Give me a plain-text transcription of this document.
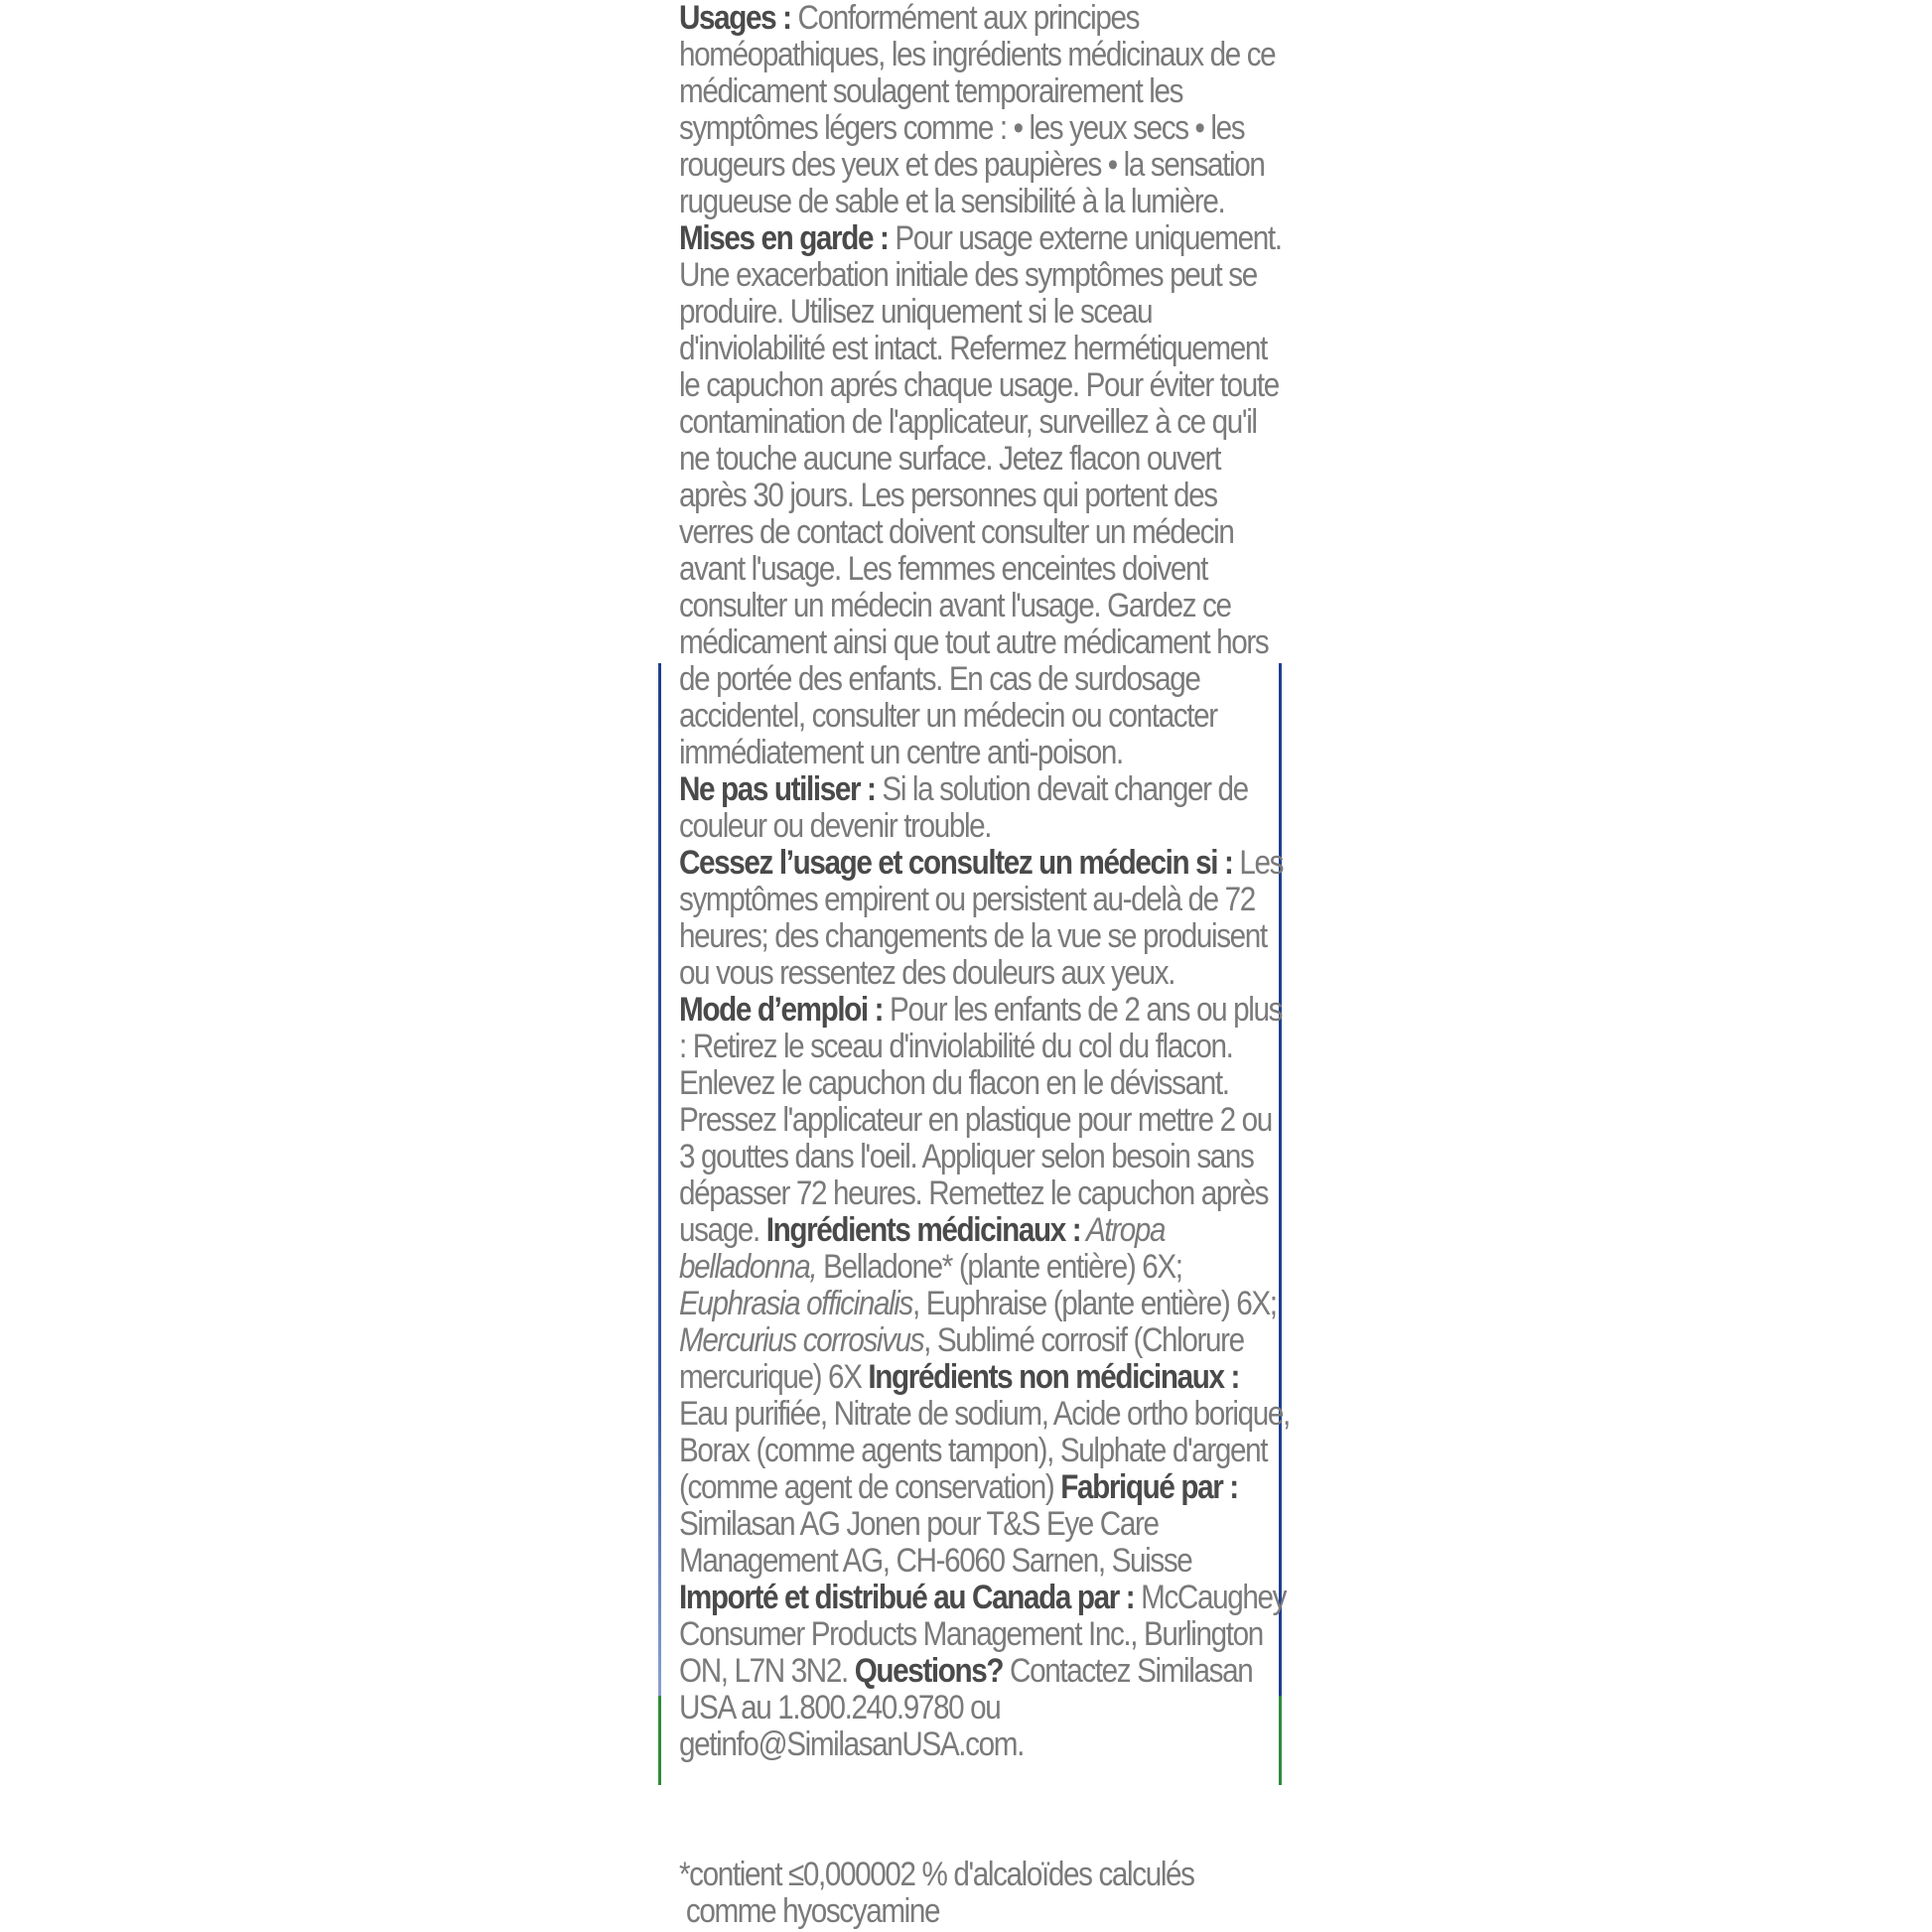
Usages : Conformément aux principes homéopathiques, les ingrédients médicinaux de ce médicament soulagent temporairement les symptômes légers comme : • les yeux secs • les rougeurs des yeux et des paupières • la sensation rugueuse de sable et la sensibilité à la lumière.

Mises en garde : Pour usage externe uniquement. Une exacerbation initiale des symptômes peut se produire. Utilisez uniquement si le sceau d'inviolabilité est intact. Refermez hermétiquement le capuchon aprés chaque usage. Pour éviter toute contamination de l'applicateur, surveillez à ce qu'il ne touche aucune surface. Jetez flacon ouvert après 30 jours. Les personnes qui portent des verres de contact doivent consulter un médecin avant l'usage. Les femmes enceintes doivent consulter un médecin avant l'usage. Gardez ce médicament ainsi que tout autre médicament hors de portée des enfants. En cas de surdosage accidentel, consulter un médecin ou contacter immédiatement un centre anti-poison.

Ne pas utiliser : Si la solution devait changer de couleur ou devenir trouble.

Cessez l’usage et consultez un médecin si : Les symptômes empirent ou persistent au-delà de 72 heures; des changements de la vue se produisent ou vous ressentez des douleurs aux yeux.

Mode d’emploi : Pour les enfants de 2 ans ou plus : Retirez le sceau d'inviolabilité du col du flacon. Enlevez le capuchon du flacon en le dévissant. Pressez l'applicateur en plastique pour mettre 2 ou 3 gouttes dans l'oeil. Appliquer selon besoin sans dépasser 72 heures. Remettez le capuchon après usage. Ingrédients médicinaux : Atropa belladonna, Belladone* (plante entière) 6X; Euphrasia officinalis, Euphraise (plante entière) 6X; Mercurius corrosivus, Sublimé corrosif (Chlorure mercurique) 6X Ingrédients non médicinaux : Eau purifiée, Nitrate de sodium, Acide ortho borique, Borax (comme agents tampon), Sulphate d'argent (comme agent de conservation) Fabriqué par : Similasan AG Jonen pour T&S Eye Care Management AG, CH-6060 Sarnen, Suisse Importé et distribué au Canada par : McCaughey Consumer Products Management Inc., Burlington ON, L7N 3N2. Questions? Contactez Similasan USA au 1.800.240.9780 ou getinfo@SimilasanUSA.com.

*contient ≤0,000002 % d'alcaloïdes calculés

comme hyoscyamine
